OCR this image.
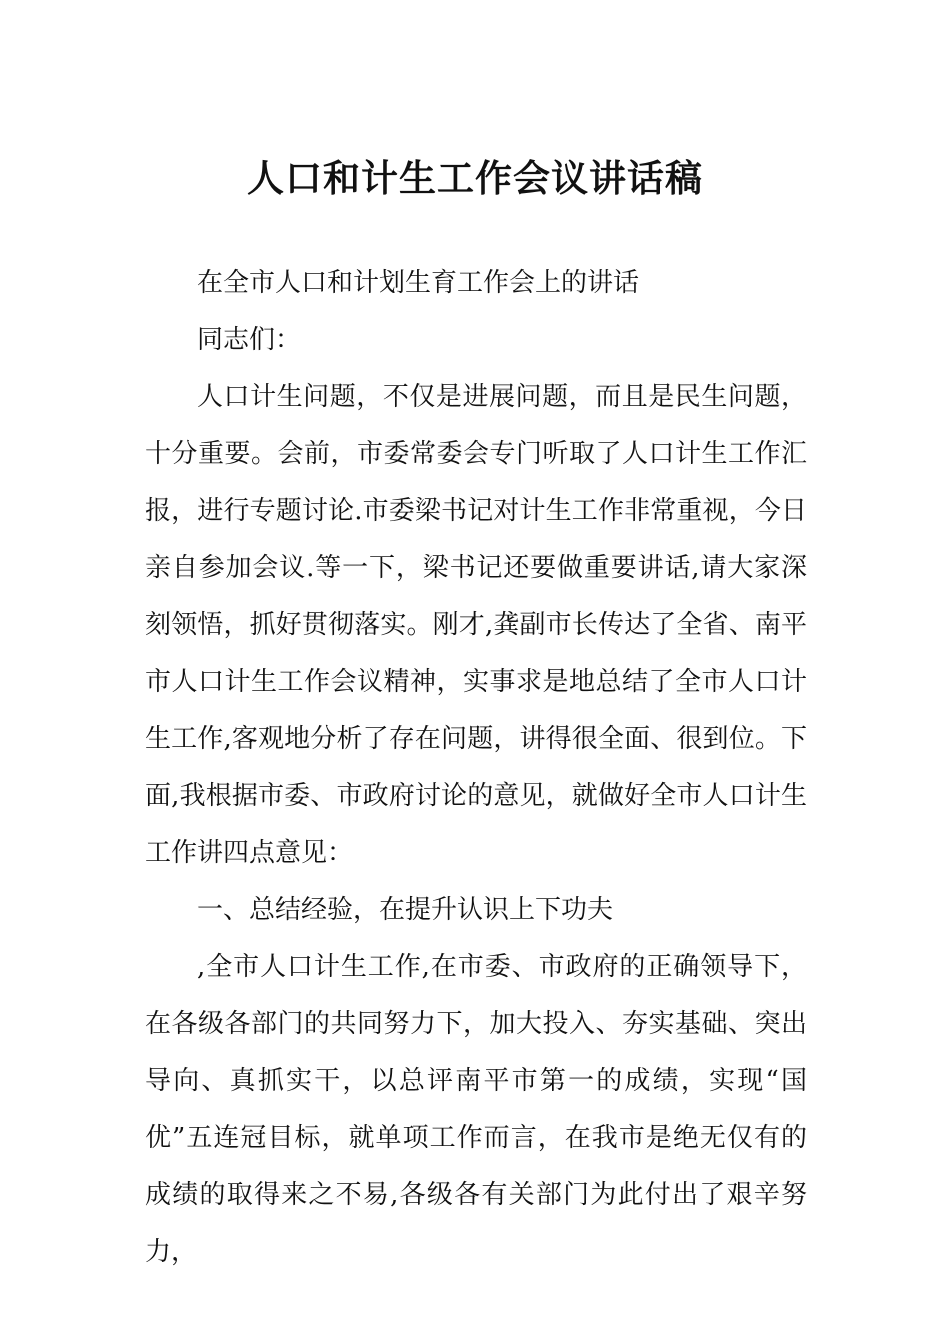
人口和计生工作会议讲话稿

在全市人口和计划生育工作会上的讲话

同志们：

人口计生问题，不仅是进展问题，而且是民生问题，十分重要。会前，市委常委会专门听取了人口计生工作汇报，进行专题讨论.市委梁书记对计生工作非常重视，今日亲自参加会议.等一下，梁书记还要做重要讲话,请大家深刻领悟，抓好贯彻落实。刚才,龚副市长传达了全省、南平市人口计生工作会议精神，实事求是地总结了全市人口计生工作,客观地分析了存在问题，讲得很全面、很到位。下面,我根据市委、市政府讨论的意见，就做好全市人口计生工作讲四点意见：

一、总结经验，在提升认识上下功夫

,全市人口计生工作,在市委、市政府的正确领导下，在各级各部门的共同努力下，加大投入、夯实基础、突出导向、真抓实干，以总评南平市第一的成绩，实现“国优”五连冠目标，就单项工作而言，在我市是绝无仅有的成绩的取得来之不易,各级各有关部门为此付出了艰辛努力，
